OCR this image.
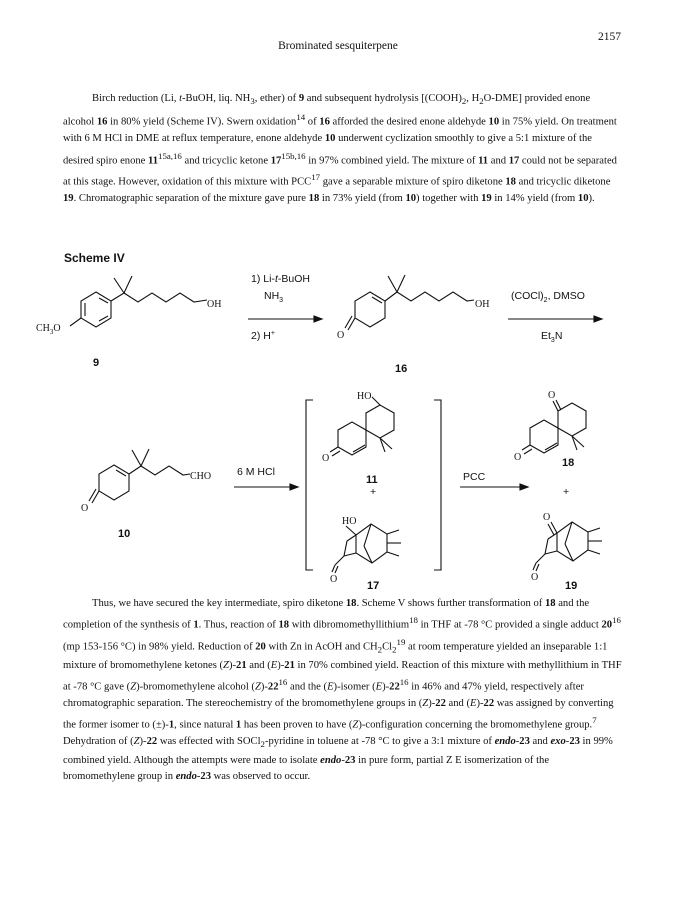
2157
Brominated sesquiterpene

Birch reduction (Li, t-BuOH, liq. $NH_3$, ether) of 9 and subsequent hydrolysis [$(COOH)_2$, $H_2O-DME$] provided enone alcohol 16 in 80% yield (Scheme IV). Swern oxidation$^{14}$ of 16 afforded the desired enone aldehyde 10 in 75% yield. On treatment with 6 M HCl in DME at reflux temperature, enone aldehyde 10 underwent cyclization smoothly to give a 5:1 mixture of the desired spiro enone $11^{15a,16}$ and tricyclic ketone $17^{15b,16}$ in 97% combined yield. The mixture of 11 and 17 could not be separated at this stage. However, oxidation of this mixture with PCC$^{17}$ gave a separable mixture of spiro diketone 18 and tricyclic diketone 19. Chromatographic separation of the mixture gave pure 18 in 73% yield (from 10) together with 19 in 14% yield (from 10).

Scheme IV
OH
$CH_3O$
9
1) Li-t-BuOH
$NH_3$
2) H+
OH
O
16
$(COCl)_2$, DMSO
$Et_3N$
CHO
O
10
6 M HCl
HO
O
11
+
HO
O
17
PCC
O
O	18
+
O
O
19

Thus, we have secured the key intermediate, spiro diketone 18. Scheme V shows further transformation of 18 and the completion of the synthesis of 1. Thus, reaction of 18 with dibromomethyllithium$^{18}$ in THF at -78 °C provided a single adduct $20^{16}$ (mp 153-156 °C) in 98% yield. Reduction of 20 with Zn in AcOH and $CH_2Cl_2^{19}$ at room temperature yielded an inseparable 1:1 mixture of bromomethylene ketones (Z)-21 and (E)-21 in 70% combined yield. Reaction of this mixture with methyllithium in THF at -78 °C gave (Z)-bromomethylene alcohol $(Z)-22^{16}$ and the (E)-isomer $(E)-22^{16}$ in 46% and 47% yield, respectively after chromatographic separation. The stereochemistry of the bromomethylene groups in (Z)-22 and (E)-22 was assigned by converting the former isomer to (±)-1, since natural 1 has been proven to have (Z)-configuration concerning the bromomethylene group.$^7$ Dehydration of (Z)-22 was effected with SOCl$_2$-pyridine in toluene at -78 °C to give a 3:1 mixture of endo-23 and exo-23 in 99% combined yield. Although the attempts were made to isolate endo-23 in pure form, partial Z E isomerization of the bromomethylene group in endo-23 was observed to occur.
